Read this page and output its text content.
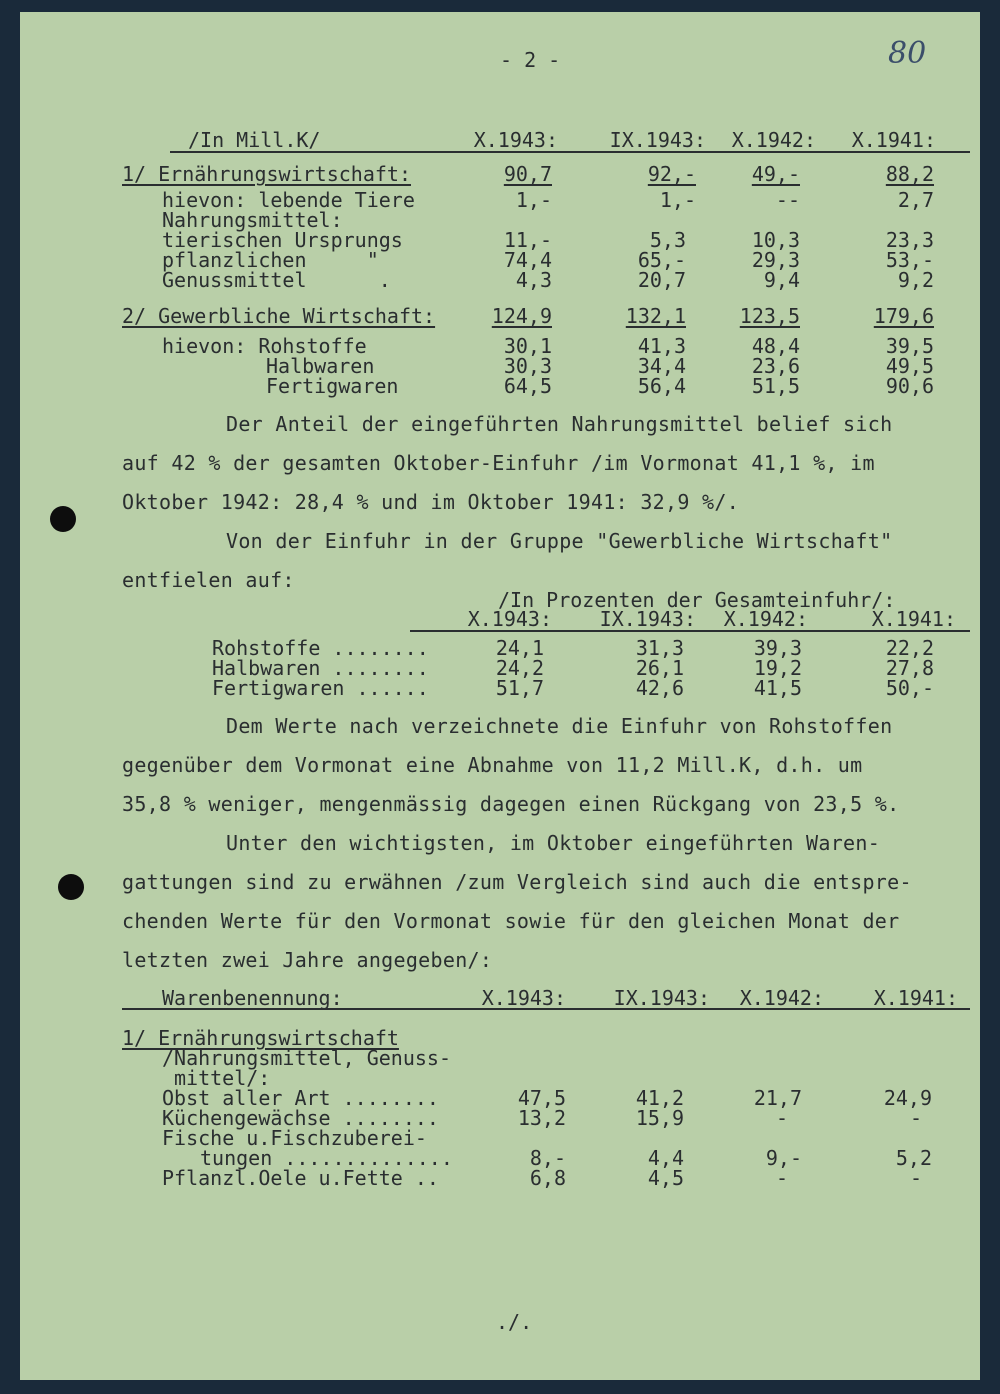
- 2 -	80
/In Mill.K/	X.1943:	IX.1943:	X.1942:	X.1941:
1/ Ernährungswirtschaft:	90,7	92,-	49,-	88,2
hievon: lebende Tiere	1,-	1,-	--	2,7
Nahrungsmittel:
tierischen Ursprungs	11,-	5,3	10,3	23,3
pflanzlichen     "	74,4	65,-	29,3	53,-
Genussmittel      .	4,3	20,7	9,4	9,2
2/ Gewerbliche Wirtschaft:	124,9	132,1	123,5	179,6
hievon: Rohstoffe	30,1	41,3	48,4	39,5
Halbwaren	30,3	34,4	23,6	49,5
Fertigwaren	64,5	56,4	51,5	90,6
Der Anteil der eingeführten Nahrungsmittel belief sich
auf 42 % der gesamten Oktober-Einfuhr /im Vormonat 41,1 %, im
Oktober 1942: 28,4 % und im Oktober 1941: 32,9 %/.
Von der Einfuhr in der Gruppe "Gewerbliche Wirtschaft"
entfielen auf:
/In Prozenten der Gesamteinfuhr/:
X.1943:	IX.1943:	X.1942:	X.1941:
Rohstoffe ........	24,1	31,3	39,3	22,2
Halbwaren ........	24,2	26,1	19,2	27,8
Fertigwaren ......	51,7	42,6	41,5	50,-
Dem Werte nach verzeichnete die Einfuhr von Rohstoffen
gegenüber dem Vormonat eine Abnahme von 11,2 Mill.K, d.h. um
35,8 % weniger, mengenmässig dagegen einen Rückgang von 23,5 %.
Unter den wichtigsten, im Oktober eingeführten Waren-
gattungen sind zu erwähnen /zum Vergleich sind auch die entspre-
chenden Werte für den Vormonat sowie für den gleichen Monat der
letzten zwei Jahre angegeben/:
Warenbenennung:	X.1943:	IX.1943:	X.1942:	X.1941:
1/ Ernährungswirtschaft
/Nahrungsmittel, Genuss-
mittel/:
Obst aller Art ........	47,5	41,2	21,7	24,9
Küchengewächse ........	13,2	15,9	-	-
Fische u.Fischzuberei-
tungen ..............	8,-	4,4	9,-	5,2
Pflanzl.Oele u.Fette ..	6,8	4,5	-	-
./.
